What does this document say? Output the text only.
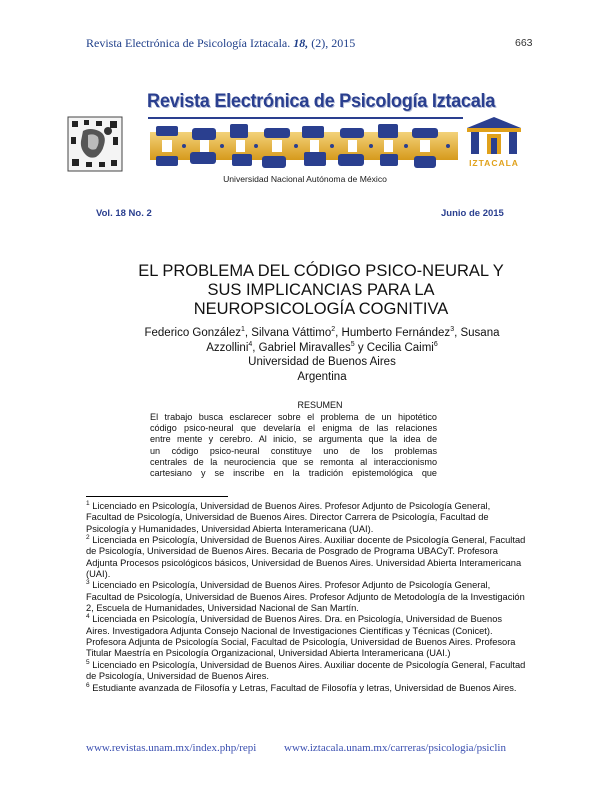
Revista Electrónica de Psicología Iztacala. 18, (2), 2015	663
Revista Electrónica de Psicología Iztacala
IZTACALA
Universidad Nacional Autónoma de México
Vol. 18 No. 2	Junio de 2015
EL PROBLEMA DEL CÓDIGO PSICO-NEURAL Y
SUS IMPLICANCIAS PARA LA
NEUROPSICOLOGÍA COGNITIVA
Federico González$^1$, Silvana Váttimo$^2$, Humberto Fernández$^3$, Susana
Azzollini$^4$, Gabriel Miravalles$^5$ y Cecilia Caimi$^6$
Universidad de Buenos Aires
Argentina
RESUMEN
El trabajo busca esclarecer sobre el problema de un hipotético
código psico-neural que develaría el enigma de las relaciones
entre mente y cerebro. Al inicio, se argumenta que la idea de
un código psico-neural constituye uno de los problemas
centrales de la neurociencia que se remonta al interaccionismo
cartesiano y se inscribe en la tradición epistemológica que

$^1$ Licenciado en Psicología, Universidad de Buenos Aires. Profesor Adjunto de Psicología General, Facultad de Psicología, Universidad de Buenos Aires. Director Carrera de Psicología, Facultad de Psicología y Humanidades, Universidad Abierta Interamericana (UAI).

$^2$ Licenciada en Psicología, Universidad de Buenos Aires. Auxiliar docente de Psicología General, Facultad de Psicología, Universidad de Buenos Aires. Becaria de Posgrado de Programa UBACyT. Profesora Adjunta Procesos psicológicos básicos, Universidad de Buenos Aires. Universidad Abierta Interamericana (UAI).

$^3$ Licenciado en Psicología, Universidad de Buenos Aires. Profesor Adjunto de Psicología General, Facultad de Psicología, Universidad de Buenos Aires. Profesor Adjunto de Metodología de la Investigación 2, Escuela de Humanidades, Universidad Nacional de San Martín.

$^4$ Licenciada en Psicología, Universidad de Buenos Aires. Dra. en Psicología, Universidad de Buenos Aires. Investigadora Adjunta Consejo Nacional de Investigaciones Científicas y Técnicas (Conicet). Profesora Adjunta de Psicología Social, Facultad de Psicología, Universidad de Buenos Aires. Profesora Titular Maestría en Psicología Organizacional, Universidad Abierta Interamericana (UAI.)

$^5$ Licenciado en Psicología, Universidad de Buenos Aires. Auxiliar docente de Psicología General, Facultad de Psicología, Universidad de Buenos Aires.

$^6$ Estudiante avanzada de Filosofía y Letras, Facultad de Filosofía y letras, Universidad de Buenos Aires.

www.revistas.unam.mx/index.php/repi	www.iztacala.unam.mx/carreras/psicologia/psiclin
